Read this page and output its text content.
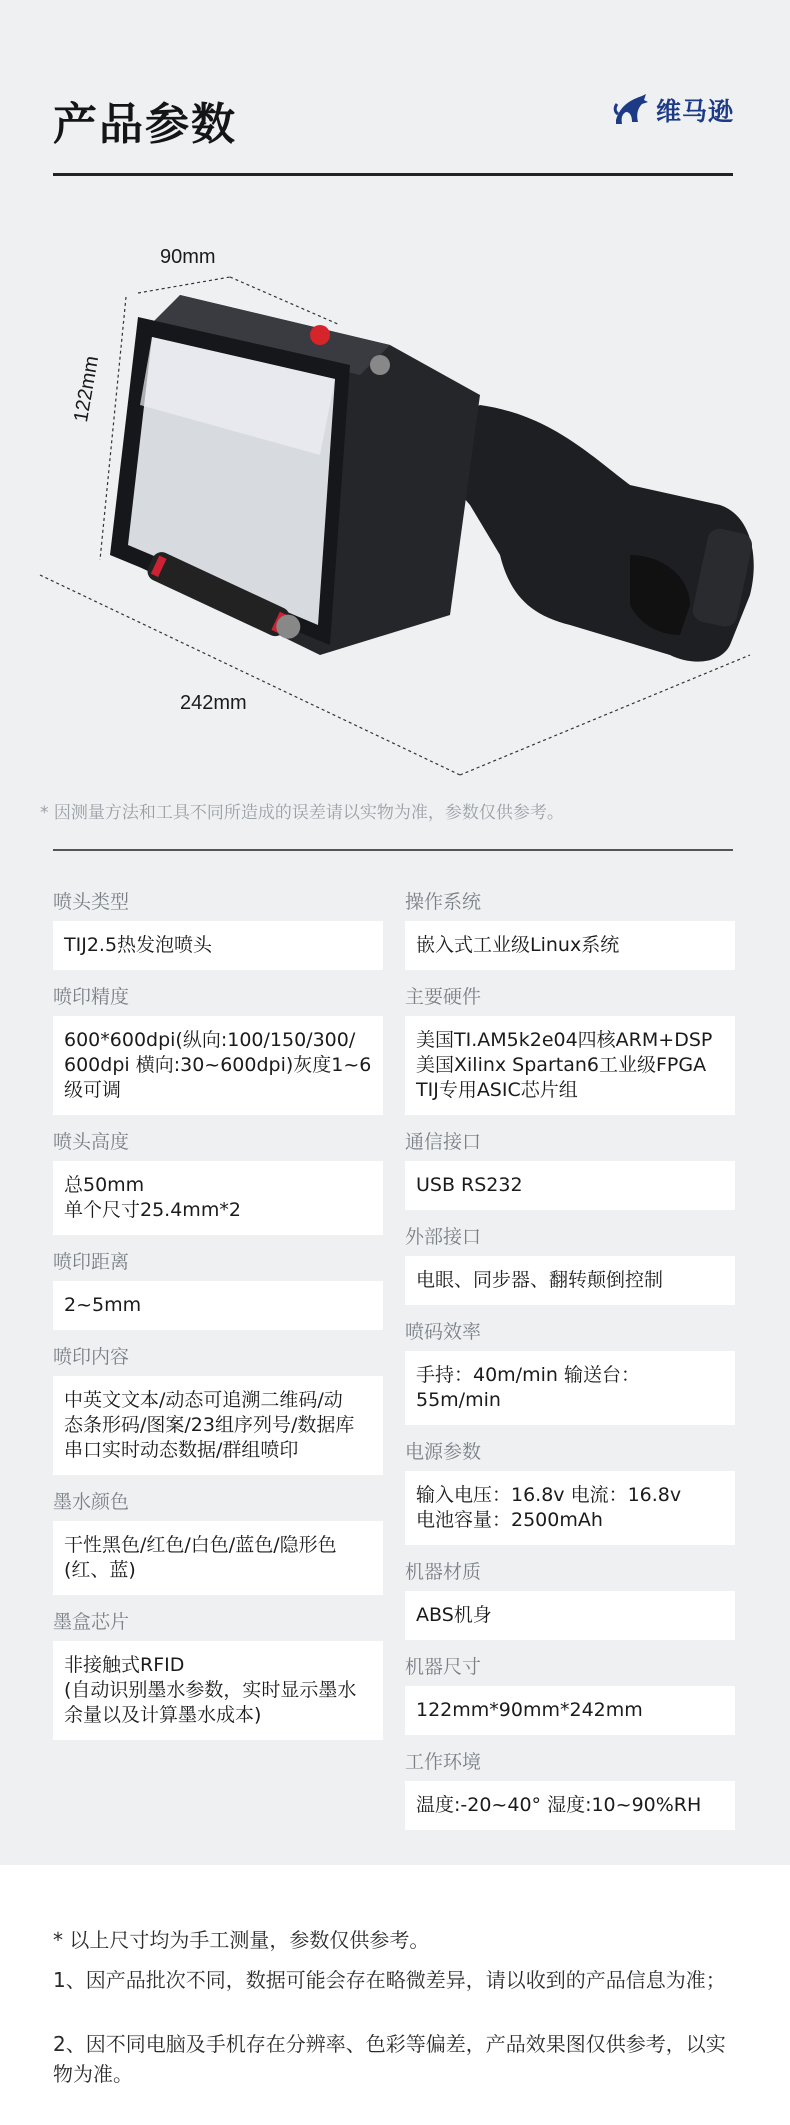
产品参数	维马逊
90mm
122mm
242mm
* 因测量方法和工具不同所造成的误差请以实物为准，参数仅供参考。
喷头类型
TIJ2.5热发泡喷头
喷印精度
600*600dpi(纵向:100/150/300/
600dpi 横向:30~600dpi)灰度1~6
级可调
喷头高度
总50mm
单个尺寸25.4mm*2
喷印距离
2~5mm
喷印内容
中英文文本/动态可追溯二维码/动
态条形码/图案/23组序列号/数据库
串口实时动态数据/群组喷印
墨水颜色
干性黑色/红色/白色/蓝色/隐形色
(红、蓝)
墨盒芯片
非接触式RFID
(自动识别墨水参数，实时显示墨水
余量以及计算墨水成本)
操作系统
嵌入式工业级Linux系统
主要硬件
美国TI.AM5k2e04四核ARM+DSP
美国Xilinx Spartan6工业级FPGA
TIJ专用ASIC芯片组
通信接口
USB RS232
外部接口
电眼、同步器、翻转颠倒控制
喷码效率
手持：40m/min 输送台：55m/min
电源参数
输入电压：16.8v 电流：16.8v
电池容量：2500mAh
机器材质
ABS机身
机器尺寸
122mm*90mm*242mm
工作环境
温度:-20~40° 湿度:10~90%RH
* 以上尺寸均为手工测量，参数仅供参考。
1、因产品批次不同，数据可能会存在略微差异，请以收到的产品信息为准；
2、因不同电脑及手机存在分辨率、色彩等偏差，产品效果图仅供参考，以实物为准。
